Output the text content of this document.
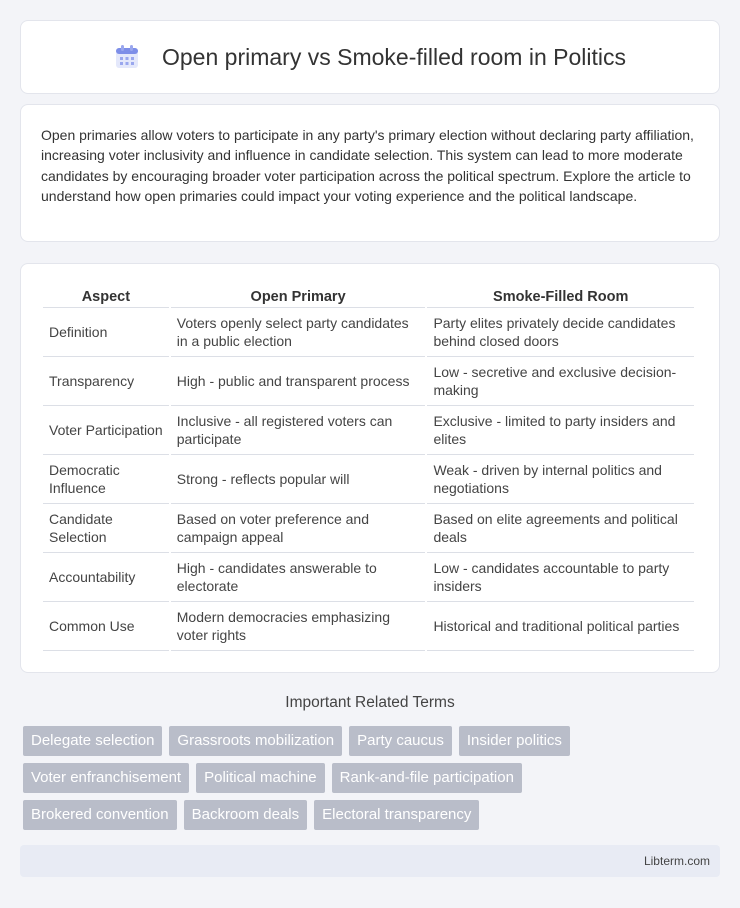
Open primary vs Smoke-filled room in Politics

Open primaries allow voters to participate in any party's primary election without declaring party affiliation, increasing voter inclusivity and influence in candidate selection. This system can lead to more moderate candidates by encouraging broader voter participation across the political spectrum. Explore the article to understand how open primaries could impact your voting experience and the political landscape.

Aspect	Open Primary	Smoke-Filled Room
Definition	Voters openly select party candidates in a public election	Party elites privately decide candidates behind closed doors
Transparency	High - public and transparent process	Low - secretive and exclusive decision-making
Voter Participation	Inclusive - all registered voters can participate	Exclusive - limited to party insiders and elites
Democratic Influence	Strong - reflects popular will	Weak - driven by internal politics and negotiations
Candidate Selection	Based on voter preference and campaign appeal	Based on elite agreements and political deals
Accountability	High - candidates answerable to electorate	Low - candidates accountable to party insiders
Common Use	Modern democracies emphasizing voter rights	Historical and traditional political parties
Important Related Terms
Delegate selection	Grassroots mobilization	Party caucus	Insider politics
Voter enfranchisement	Political machine	Rank-and-file participation
Brokered convention	Backroom deals	Electoral transparency
Libterm.com
